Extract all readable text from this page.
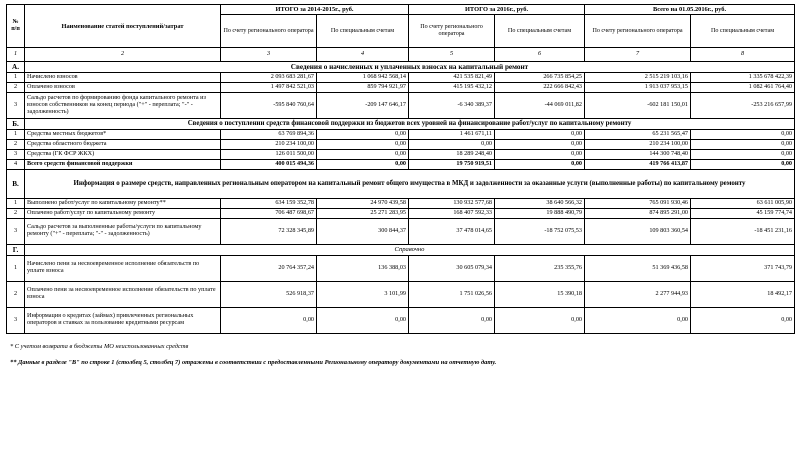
№
п/п	Наименование статей поступлений/затрат	ИТОГО за 2014-2015г., руб.		ИТОГО за 2016г., руб.		Всего на 01.05.2016г., руб.	
		По счету регионального оператора	По специальным счетам	По счету регионального оператора	По специальным счетам	По счету регионального оператора	По специальным счетам
1	2	3	4	5	6	7	8
А.	Сведения о начисленных и уплаченных взносах на капитальный ремонт						
1	Начислено взносов	2 093 683 281,67	1 068 942 568,14	421 535 821,49	266 735 854,25	2 515 219 103,16	1 335 678 422,39
2	Оплачено взносов	1 497 842 521,03	859 794 921,97	415 195 432,12	222 666 842,43	1 913 037 953,15	1 082 461 764,40
3	Сальдо расчетов по формированию фонда капитального ремонта из взносов собственников на конец периода ("+" - переплата; "-" - задолженность)	-595 840 760,64	-209 147 646,17	-6 340 389,37	-44 069 011,82	-602 181 150,01	-253 216 657,99
Б.	Сведения о поступлении средств финансовой поддержки из бюджетов всех уровней на финансирование работ/услуг по капитальному ремонту						
1	Средства местных бюджетов*	63 769 894,36	0,00	1 461 671,11	0,00	65 231 565,47	0,00
2	Средства областного бюджета	210 234 100,00	0,00	0,00	0,00	210 234 100,00	0,00
3	Средства (ГК ФСР ЖКХ)	126 011 500,00	0,00	18 289 248,40	0,00	144 300 748,40	0,00
4	Всего средств финансовой поддержки	400 015 494,36	0,00	19 750 919,51	0,00	419 766 413,87	0,00
В.	Информация о размере средств, направленных региональным оператором на капитальный ремонт общего имущества в МКД и задолженности за оказанные услуги (выполненные работы) по капитальному ремонту						
1	Выполнено работ/услуг по капитальному ремонту**	634 159 352,78	24 970 439,58	130 932 577,68	38 640 566,32	765 091 930,46	63 611 005,90
2	Оплачено работ/услуг по капитальному ремонту	706 487 698,67	25 271 283,95	168 407 592,33	19 888 490,79	874 895 291,00	45 159 774,74
3	Сальдо расчетов за выполненные работы/услуги по капитальному ремонту ("+" - переплата; "-" - задолженность)	72 328 345,89	300 844,37	37 478 014,65	-18 752 075,53	109 803 360,54	-18 451 231,16
Г.	Справочно						
1	Начислено пени за несвоевременное исполнение обязательств по уплате взноса	20 764 357,24	136 388,03	30 605 079,34	235 355,76	51 369 436,58	371 743,79
2	Оплачено пени за несвоевременное исполнение обязательств по уплате взноса	526 918,37	3 101,99	1 751 026,56	15 390,18	2 277 944,93	18 492,17
3	Информация о кредитах (займах) привлеченных региональных операторов и ставках за пользование кредитными ресурсам	0,00	0,00	0,00	0,00	0,00	0,00
* С учетом возврата в бюджеты МО неиспользованных средств
** Данные в разделе "В" по строке 1 (столбец 5, столбец 7) отражены в соответствии с предоставленными Региональному оператору документами на отчетную дату.
